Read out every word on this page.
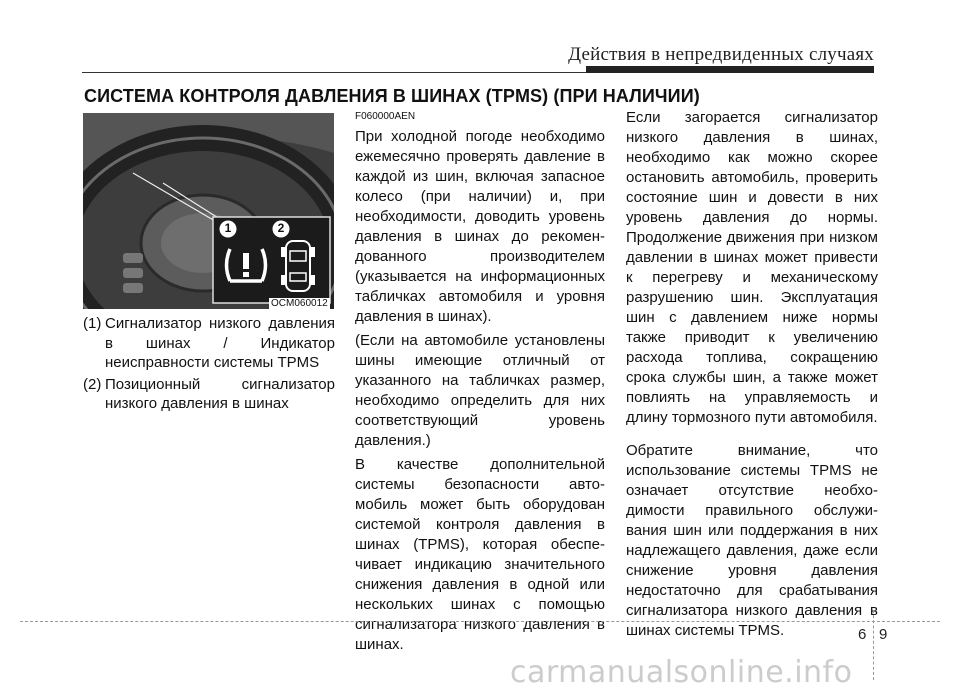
Действия в непредвиденных случаях
СИСТЕМА КОНТРОЛЯ ДАВЛЕНИЯ В ШИНАХ (TPMS) (ПРИ НАЛИЧИИ)
1	2
OCM060012
(1) Сигнализатор низкого давления в шинах / Индикатор неисправности системы TPMS
(2) Позиционный сигнализатор низкого давления в шинах

F060000AEN

При холодной погоде необходимо ежемесячно проверять давление в каждой из шин, включая запасное колесо (при наличии) и, при необходимости, доводить уровень давления в шинах до рекомен-дованного производителем (указывается на информационных табличках автомобиля и уровня давления в шинах).

(Если на автомобиле установлены шины имеющие отличный от указанного на табличках размер, необходимо определить для них соответствующий уровень давления.)

В качестве дополнительной системы безопасности авто-мобиль может быть оборудован системой контроля давления в шинах (TPMS), которая обеспе-чивает индикацию значительного снижения давления в одной или нескольких шинах с помощью сигнализатора низкого давления в шинах.

Если загорается сигнализатор низкого давления в шинах, необходимо как можно скорее остановить автомобиль, проверить состояние шин и довести в них уровень давления до нормы. Продолжение движения при низком давлении в шинах может привести к перегреву и механическому разрушению шин. Эксплуатация шин с давлением ниже нормы также приводит к увеличению расхода топлива, сокращению срока службы шин, а также может повлиять на управляемость и длину тормозного пути автомобиля.

Обратите внимание, что использование системы TPMS не означает отсутствие необхо-димости правильного обслужи-вания шин или поддержания в них надлежащего давления, даже если снижение уровня давления недостаточно для срабатывания сигнализатора низкого давления в шинах системы TPMS.	6 9
carmanualsonline.info
